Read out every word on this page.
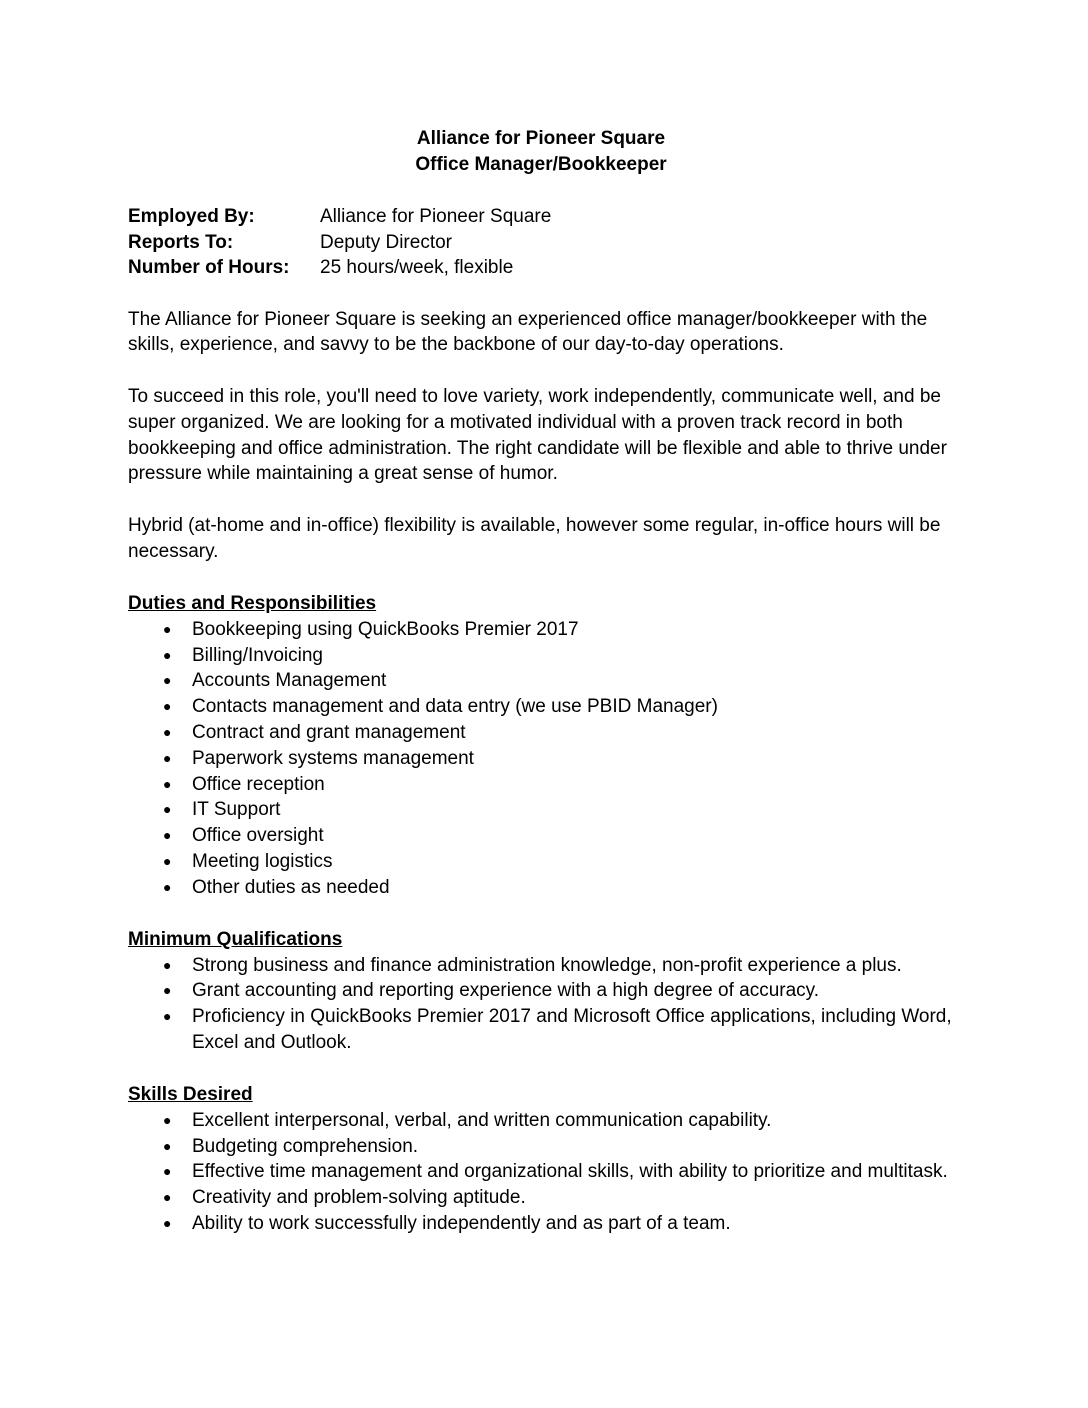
Alliance for Pioneer Square
Office Manager/Bookkeeper
Employed By:	Alliance for Pioneer Square
Reports To:	Deputy Director
Number of Hours:	25 hours/week, flexible

The Alliance for Pioneer Square is seeking an experienced office manager/bookkeeper with the skills, experience, and savvy to be the backbone of our day-to-day operations.

To succeed in this role, you'll need to love variety, work independently, communicate well, and be super organized. We are looking for a motivated individual with a proven track record in both bookkeeping and office administration. The right candidate will be flexible and able to thrive under pressure while maintaining a great sense of humor.

Hybrid (at-home and in-office) flexibility is available, however some regular, in-office hours will be necessary.

Duties and Responsibilities
● Bookkeeping using QuickBooks Premier 2017
● Billing/Invoicing
● Accounts Management
● Contacts management and data entry (we use PBID Manager)
● Contract and grant management
● Paperwork systems management
● Office reception
● IT Support
● Office oversight
● Meeting logistics
● Other duties as needed
Minimum Qualifications
● Strong business and finance administration knowledge, non-profit experience a plus.
● Grant accounting and reporting experience with a high degree of accuracy.
● Proficiency in QuickBooks Premier 2017 and Microsoft Office applications, including Word, Excel and Outlook.
Skills Desired
● Excellent interpersonal, verbal, and written communication capability.
● Budgeting comprehension.
● Effective time management and organizational skills, with ability to prioritize and multitask.
● Creativity and problem-solving aptitude.
● Ability to work successfully independently and as part of a team.
